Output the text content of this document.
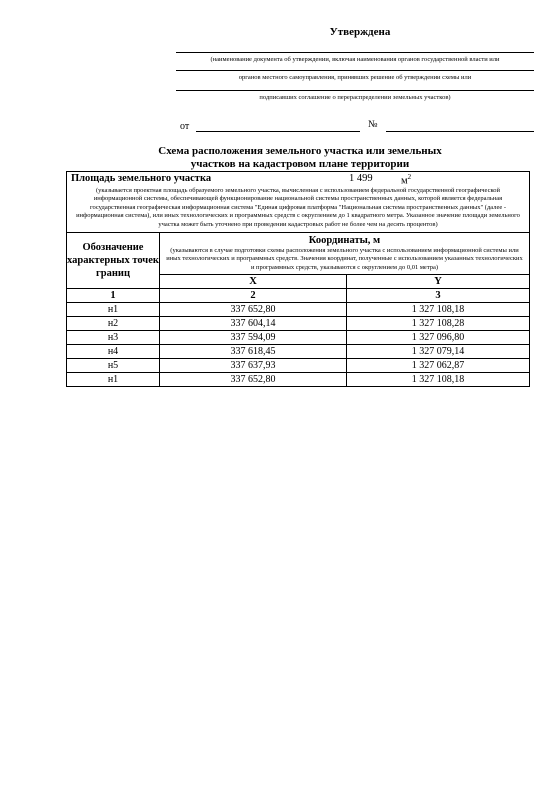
Утверждена
(наименование документа об утверждении, включая наименования органов государственной власти или
органов местного самоуправления, принявших решение об утверждении схемы или
подписавших соглашение о перераспределении земельных участков)
от	№
Схема расположения земельного участка или земельных
участков на кадастровом плане территории
Площадь земельного участка 1 499 $м^2$
(указывается проектная площадь образуемого земельного участка, вычисленная с использованием федеральной государственной географической информационной системы, обеспечивающей функционирование национальной системы пространственных данных, которой является федеральная государственная географическая информационная система "Единая цифровая платформа "Национальная система пространственных данных" (далее - информационная система), или иных технологических и программных средств с округлением до 1 квадратного метра. Указанное значение площади земельного участка может быть уточнено при проведении кадастровых работ не более чем на десять процентов)		

Обозначение характерных точек границ	Координаты, м
(указываются в случае подготовки схемы расположения земельного участка с использованием информационной системы или иных технологических и программных средств. Значения координат, полученные с использованием указанных технологических и программных средств, указываются с округлением до 0,01 метра)	

	X	Y
1	2	3
н1	337 652,80	1 327 108,18
н2	337 604,14	1 327 108,28
н3	337 594,09	1 327 096,80
н4	337 618,45	1 327 079,14
н5	337 637,93	1 327 062,87
н1	337 652,80	1 327 108,18
